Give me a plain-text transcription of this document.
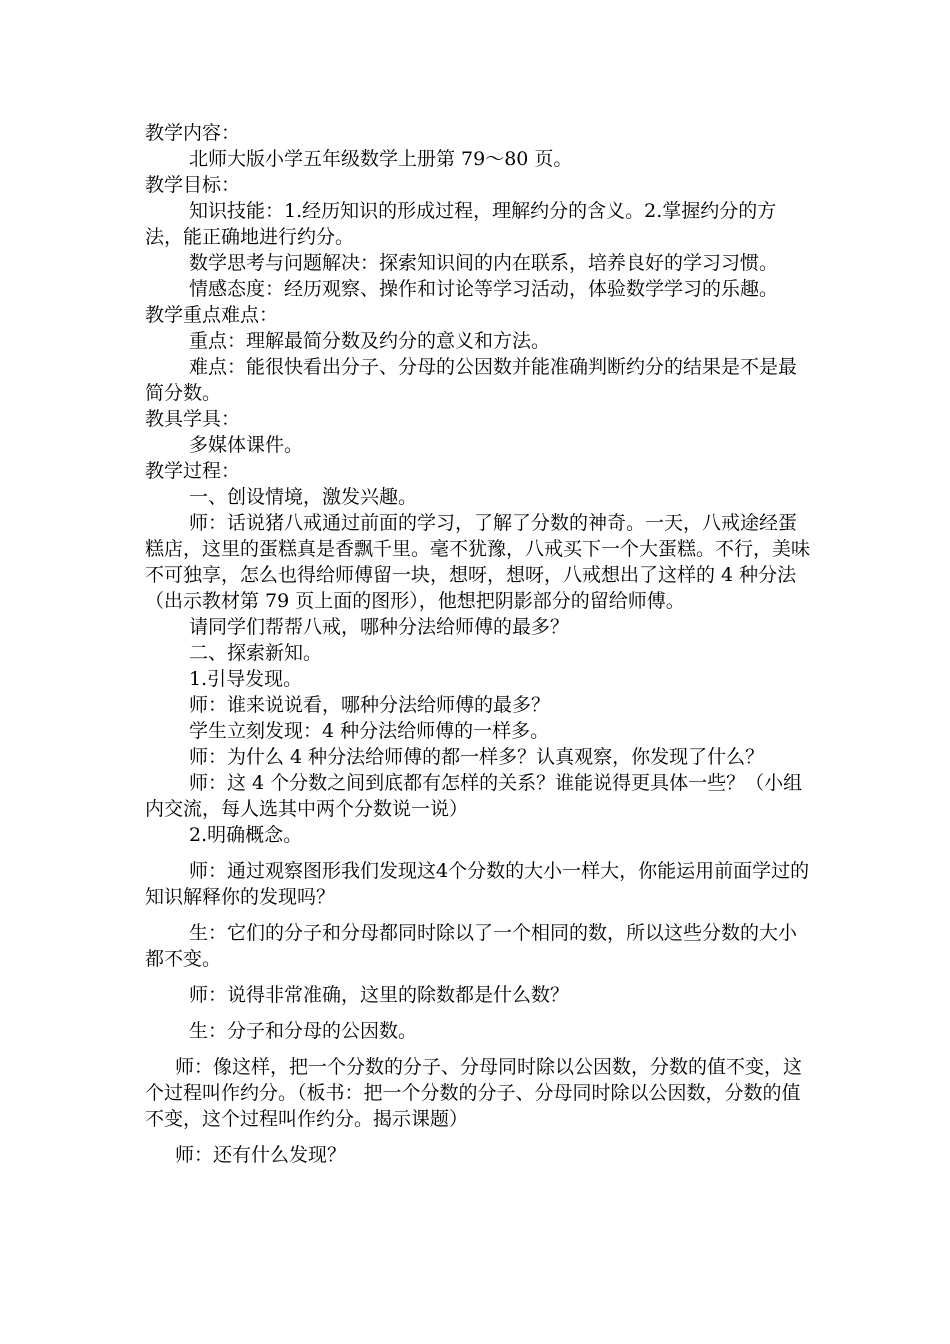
教学内容：

北师大版小学五年级数学上册第 79～80 页。

教学目标：

知识技能：1.经历知识的形成过程，理解约分的含义。2.掌握约分的方法，能正确地进行约分。

数学思考与问题解决：探索知识间的内在联系，培养良好的学习习惯。

情感态度：经历观察、操作和讨论等学习活动，体验数学学习的乐趣。

教学重点难点：

重点：理解最简分数及约分的意义和方法。

难点：能很快看出分子、分母的公因数并能准确判断约分的结果是不是最简分数。

教具学具：

多媒体课件。

教学过程：

一、创设情境，激发兴趣。

师：话说猪八戒通过前面的学习，了解了分数的神奇。一天，八戒途经蛋糕店，这里的蛋糕真是香飘千里。毫不犹豫，八戒买下一个大蛋糕。不行，美味不可独享，怎么也得给师傅留一块，想呀，想呀，八戒想出了这样的 4 种分法（出示教材第 79 页上面的图形），他想把阴影部分的留给师傅。

请同学们帮帮八戒，哪种分法给师傅的最多？

二、探索新知。

1.引导发现。

师：谁来说说看，哪种分法给师傅的最多？

学生立刻发现：4 种分法给师傅的一样多。

师：为什么 4 种分法给师傅的都一样多？认真观察，你发现了什么？

师：这 4 个分数之间到底都有怎样的关系？谁能说得更具体一些？（小组内交流，每人选其中两个分数说一说）

2.明确概念。

师：通过观察图形我们发现这4个分数的大小一样大，你能运用前面学过的知识解释你的发现吗？

生：它们的分子和分母都同时除以了一个相同的数，所以这些分数的大小都不变。

师：说得非常准确，这里的除数都是什么数？

生：分子和分母的公因数。

师：像这样，把一个分数的分子、分母同时除以公因数，分数的值不变，这个过程叫作约分。（板书：把一个分数的分子、分母同时除以公因数，分数的值不变，这个过程叫作约分。揭示课题）

师：还有什么发现？
